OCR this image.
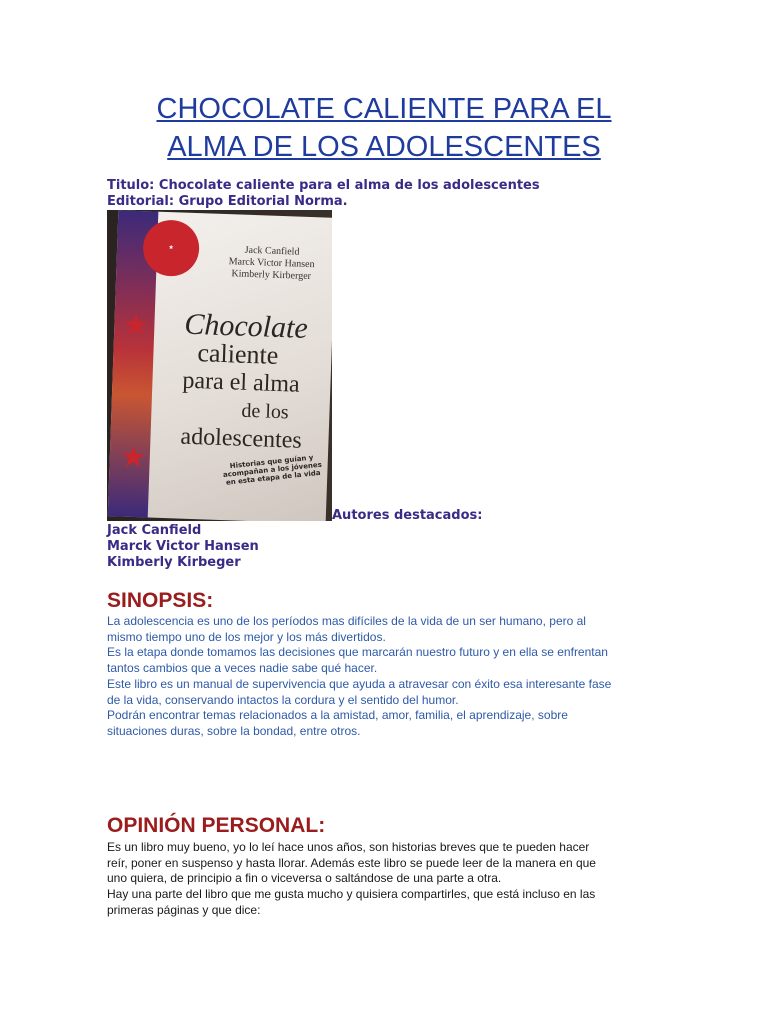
CHOCOLATE CALIENTE PARA EL
ALMA DE LOS ADOLESCENTES
Titulo: Chocolate caliente para el alma de los adolescentes
Editorial: Grupo Editorial Norma.
★
★
★
Jack Canfield
Marck Victor Hansen
Kimberly Kirberger
Chocolate
caliente
para el alma
de los
adolescentes
Historias que guían y acompañan a los jóvenes en esta etapa de la vida
Autores destacados:
Jack Canfield
Marck Victor Hansen
Kimberly Kirbeger
SINOPSIS:
La adolescencia es uno de los períodos mas difíciles de la vida de un ser humano, pero al
mismo tiempo uno de los mejor y los más divertidos.
Es la etapa donde tomamos las decisiones que marcarán nuestro futuro y en ella se enfrentan
tantos cambios que a veces nadie sabe qué hacer.
Este libro es un manual de supervivencia que ayuda a atravesar con éxito esa interesante fase
de la vida, conservando intactos la cordura y el sentido del humor.
Podrán encontrar temas relacionados a la amistad, amor, familia, el aprendizaje, sobre
situaciones duras, sobre la bondad, entre otros.
OPINIÓN PERSONAL:
Es un libro muy bueno, yo lo leí hace unos años, son historias breves que te pueden hacer
reír, poner en suspenso y hasta llorar. Además este libro se puede leer de la manera en que
uno quiera, de principio a fin o viceversa o saltándose de una parte a otra.
Hay una parte del libro que me gusta mucho y quisiera compartirles, que está incluso en las
primeras páginas y que dice:
